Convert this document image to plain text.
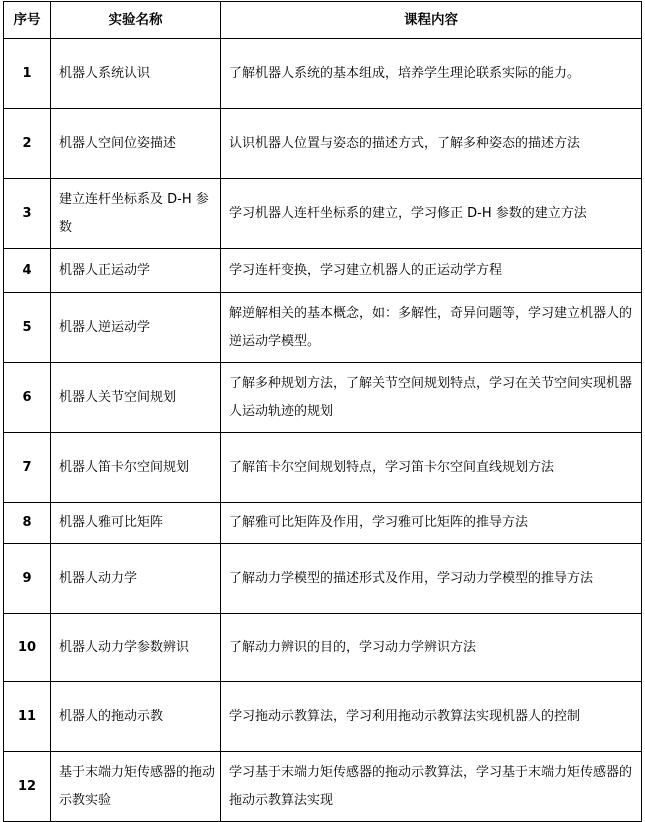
序号	实验名称	课程内容
1	机器人系统认识	了解机器人系统的基本组成，培养学生理论联系实际的能力。
2	机器人空间位姿描述	认识机器人位置与姿态的描述方式，了解多种姿态的描述方法
3	建立连杆坐标系及 D-H 参数	学习机器人连杆坐标系的建立，学习修正 D-H 参数的建立方法
4	机器人正运动学	学习连杆变换，学习建立机器人的正运动学方程
5	机器人逆运动学	解逆解相关的基本概念，如：多解性，奇异问题等，学习建立机器人的逆运动学模型。
6	机器人关节空间规划	了解多种规划方法，了解关节空间规划特点，学习在关节空间实现机器人运动轨迹的规划
7	机器人笛卡尔空间规划	了解笛卡尔空间规划特点，学习笛卡尔空间直线规划方法
8	机器人雅可比矩阵	了解雅可比矩阵及作用，学习雅可比矩阵的推导方法
9	机器人动力学	了解动力学模型的描述形式及作用，学习动力学模型的推导方法
10	机器人动力学参数辨识	了解动力辨识的目的，学习动力学辨识方法
11	机器人的拖动示教	学习拖动示教算法，学习利用拖动示教算法实现机器人的控制
12	基于末端力矩传感器的拖动示教实验	学习基于末端力矩传感器的拖动示教算法，学习基于末端力矩传感器的拖动示教算法实现
